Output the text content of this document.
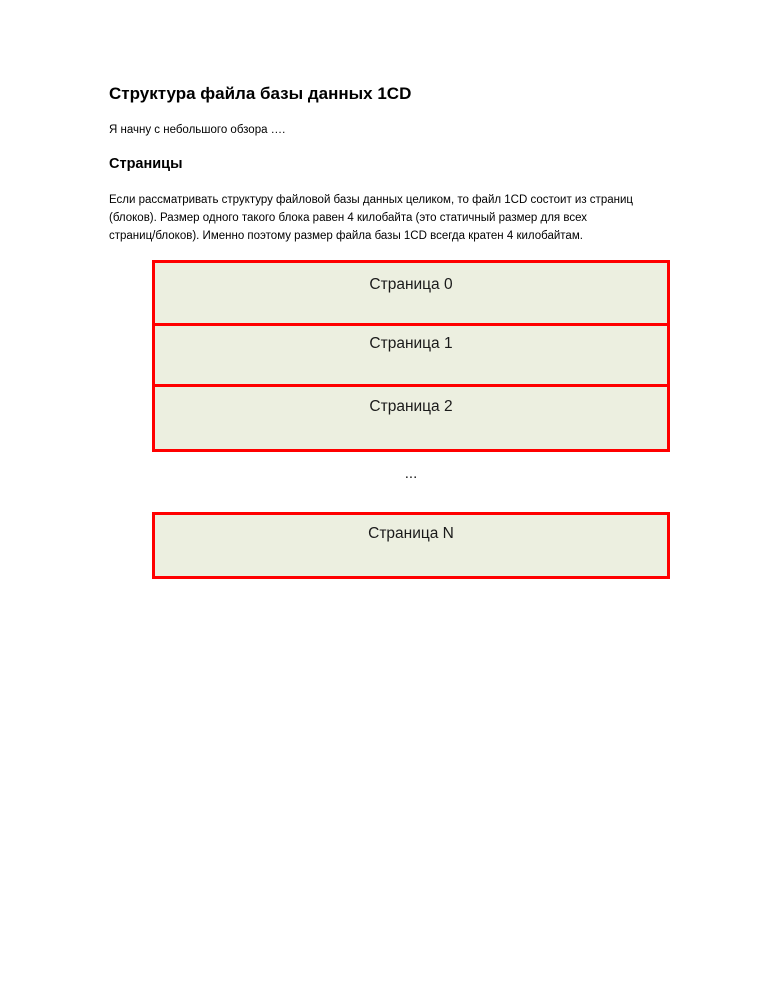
Структура файла базы данных 1CD

Я начну с небольшого обзора ….

Страницы

Если рассматривать структуру файловой базы данных целиком, то файл 1CD состоит из страниц

(блоков). Размер одного такого блока равен 4 килобайта (это статичный размер для всех

страниц/блоков). Именно поэтому размер файла базы 1CD всегда кратен 4 килобайтам.

Страница 0
Страница 1
Страница 2
...
Страница N
